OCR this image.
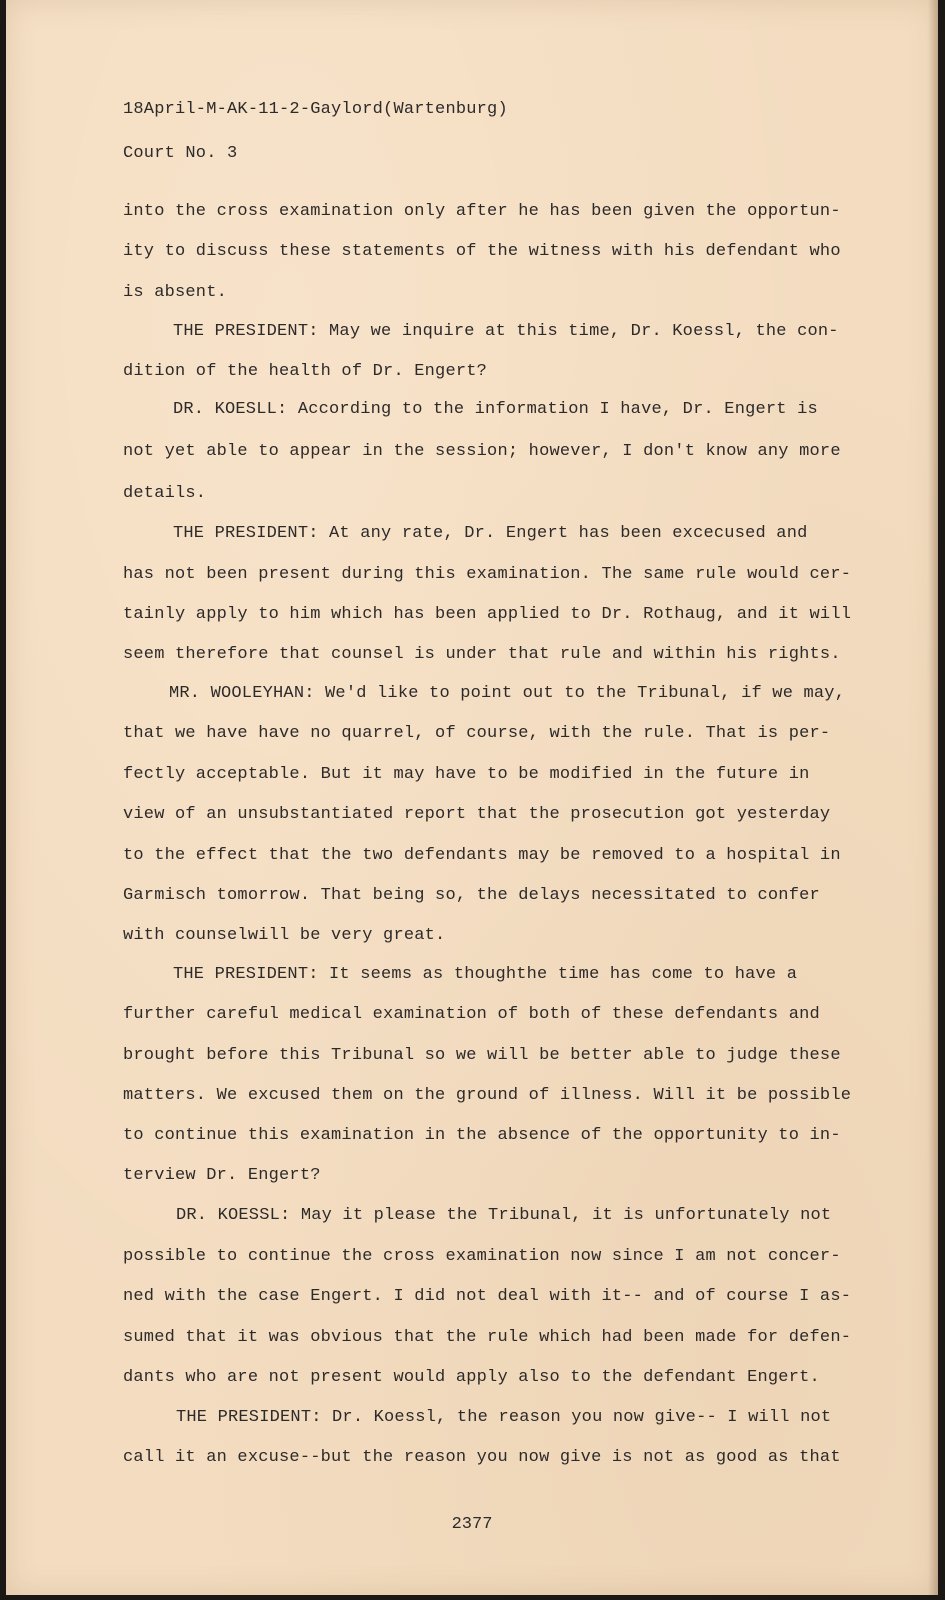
18April-M-AK-11-2-Gaylord(Wartenburg)
Court No. 3
into the cross examination only after he has been given the opportun-
ity to discuss these statements of the witness with his defendant who
is absent.
THE PRESIDENT: May we inquire at this time, Dr. Koessl, the con-
dition of the health of Dr. Engert?
DR. KOESLL: According to the information I have, Dr. Engert is
not yet able to appear in the session; however, I don't know any more
details.
THE PRESIDENT: At any rate, Dr. Engert has been excecused and
has not been present during this examination. The same rule would cer-
tainly apply to him which has been applied to Dr. Rothaug, and it will
seem therefore that counsel is under that rule and within his rights.
MR. WOOLEYHAN: We'd like to point out to the Tribunal, if we may,
that we have have no quarrel, of course, with the rule. That is per-
fectly acceptable. But it may have to be modified in the future in
view of an unsubstantiated report that the prosecution got yesterday
to the effect that the two defendants may be removed to a hospital in
Garmisch tomorrow. That being so, the delays necessitated to confer
with counselwill be very great.
THE PRESIDENT: It seems as thoughthe time has come to have a
further careful medical examination of both of these defendants and
brought before this Tribunal so we will be better able to judge these
matters. We excused them on the ground of illness. Will it be possible
to continue this examination in the absence of the opportunity to in-
terview Dr. Engert?
DR. KOESSL: May it please the Tribunal, it is unfortunately not
possible to continue the cross examination now since I am not concer-
ned with the case Engert. I did not deal with it-- and of course I as-
sumed that it was obvious that the rule which had been made for defen-
dants who are not present would apply also to the defendant Engert.
THE PRESIDENT: Dr. Koessl, the reason you now give-- I will not
call it an excuse--but the reason you now give is not as good as that
2377
